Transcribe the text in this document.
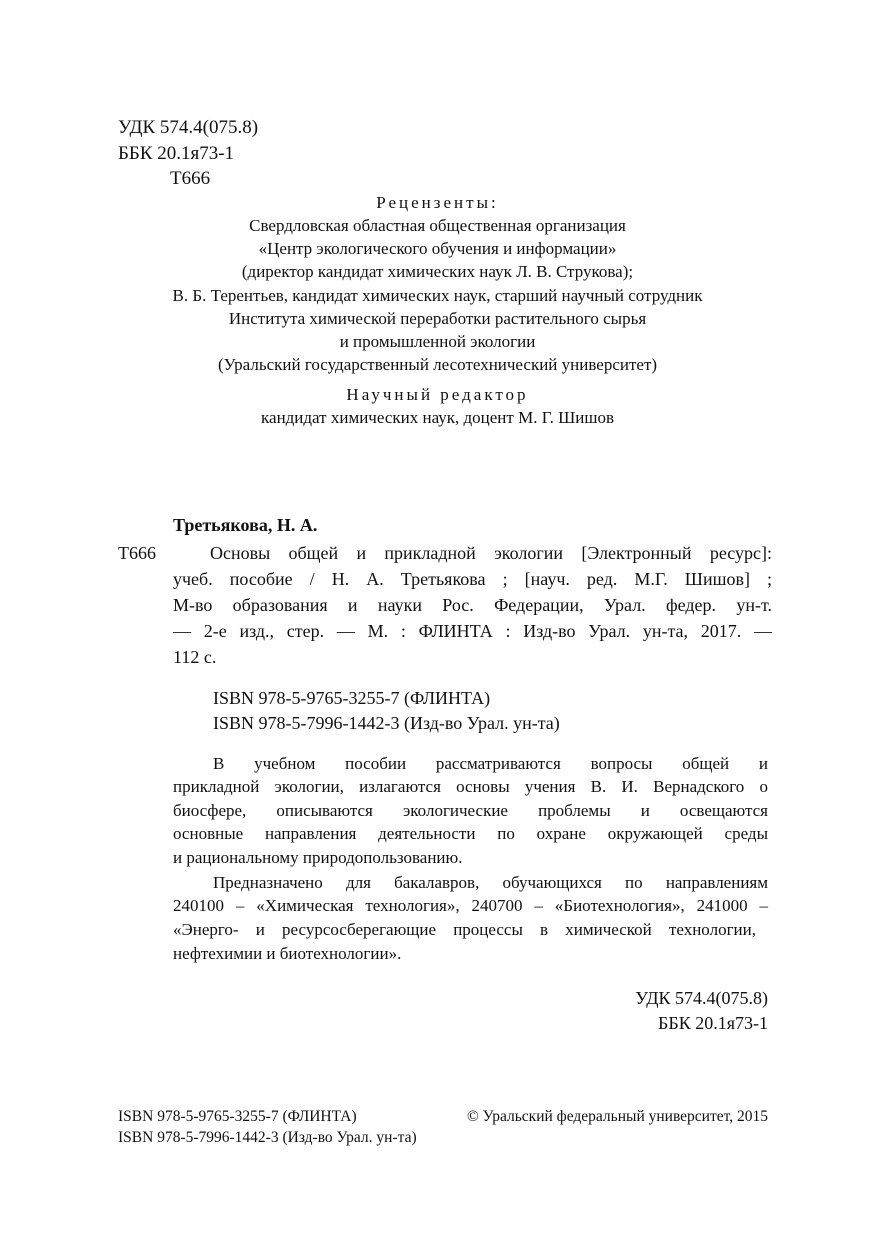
УДК 574.4(075.8)
ББК 20.1я73-1
Т666
Рецензенты:
Свердловская областная общественная организация
«Центр экологического обучения и информации»
(директор кандидат химических наук Л. В. Струкова);
В. Б. Терентьев, кандидат химических наук, старший научный сотрудник
Института химической переработки растительного сырья
и промышленной экологии
(Уральский государственный лесотехнический университет)
Научный редактор
кандидат химических наук, доцент М. Г. Шишов
Третьякова, Н. А.
Т666	Основы общей и прикладной экологии [Электронный ресурс]:
учеб. пособие / Н. А. Третьякова ; [науч. ред. М.Г. Шишов] ;
М-во образования и науки Рос. Федерации, Урал. федер. ун-т.
— 2-е изд., стер. — М. : ФЛИНТА : Изд-во Урал. ун-та, 2017. —
112 с.
ISBN 978-5-9765-3255-7 (ФЛИНТА)
ISBN 978-5-7996-1442-3 (Изд-во Урал. ун-та)
В учебном пособии рассматриваются вопросы общей и
прикладной экологии, излагаются основы учения В. И. Вернадского о
биосфере, описываются экологические проблемы и освещаются
основные направления деятельности по охране окружающей среды
и рациональному природопользованию.
Предназначено для бакалавров, обучающихся по направлениям
240100 – «Химическая технология», 240700 – «Биотехнология», 241000 –
«Энерго- и ресурсосберегающие процессы в химической технологии,
нефтехимии и биотехнологии».
УДК 574.4(075.8)
ББК 20.1я73-1
ISBN 978-5-9765-3255-7 (ФЛИНТА)
ISBN 978-5-7996-1442-3 (Изд-во Урал. ун-та)
© Уральский федеральный университет, 2015
